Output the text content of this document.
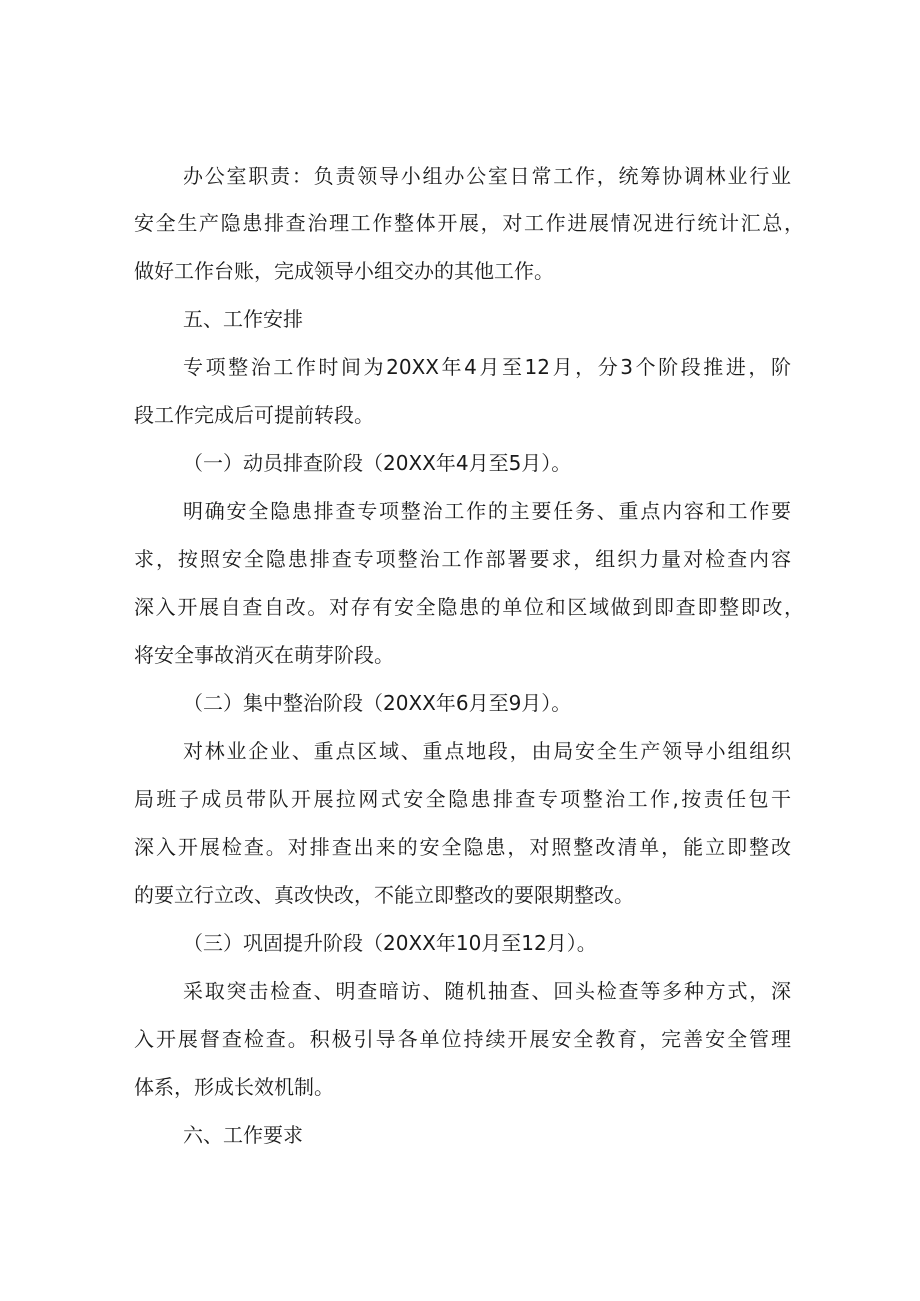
办公室职责：负责领导小组办公室日常工作，统筹协调林业行业
安全生产隐患排查治理工作整体开展，对工作进展情况进行统计汇总，
做好工作台账，完成领导小组交办的其他工作。
五、工作安排
专项整治工作时间为20XX年4月至12月，分3个阶段推进，阶
段工作完成后可提前转段。
（一）动员排查阶段（20XX年4月至5月）。
明确安全隐患排查专项整治工作的主要任务、重点内容和工作要
求，按照安全隐患排查专项整治工作部署要求，组织力量对检查内容
深入开展自查自改。对存有安全隐患的单位和区域做到即查即整即改，
将安全事故消灭在萌芽阶段。
（二）集中整治阶段（20XX年6月至9月）。
对林业企业、重点区域、重点地段，由局安全生产领导小组组织
局班子成员带队开展拉网式安全隐患排查专项整治工作,按责任包干
深入开展检查。对排查出来的安全隐患，对照整改清单，能立即整改
的要立行立改、真改快改，不能立即整改的要限期整改。
（三）巩固提升阶段（20XX年10月至12月）。
采取突击检查、明查暗访、随机抽查、回头检查等多种方式，深
入开展督查检查。积极引导各单位持续开展安全教育，完善安全管理
体系，形成长效机制。
六、工作要求
